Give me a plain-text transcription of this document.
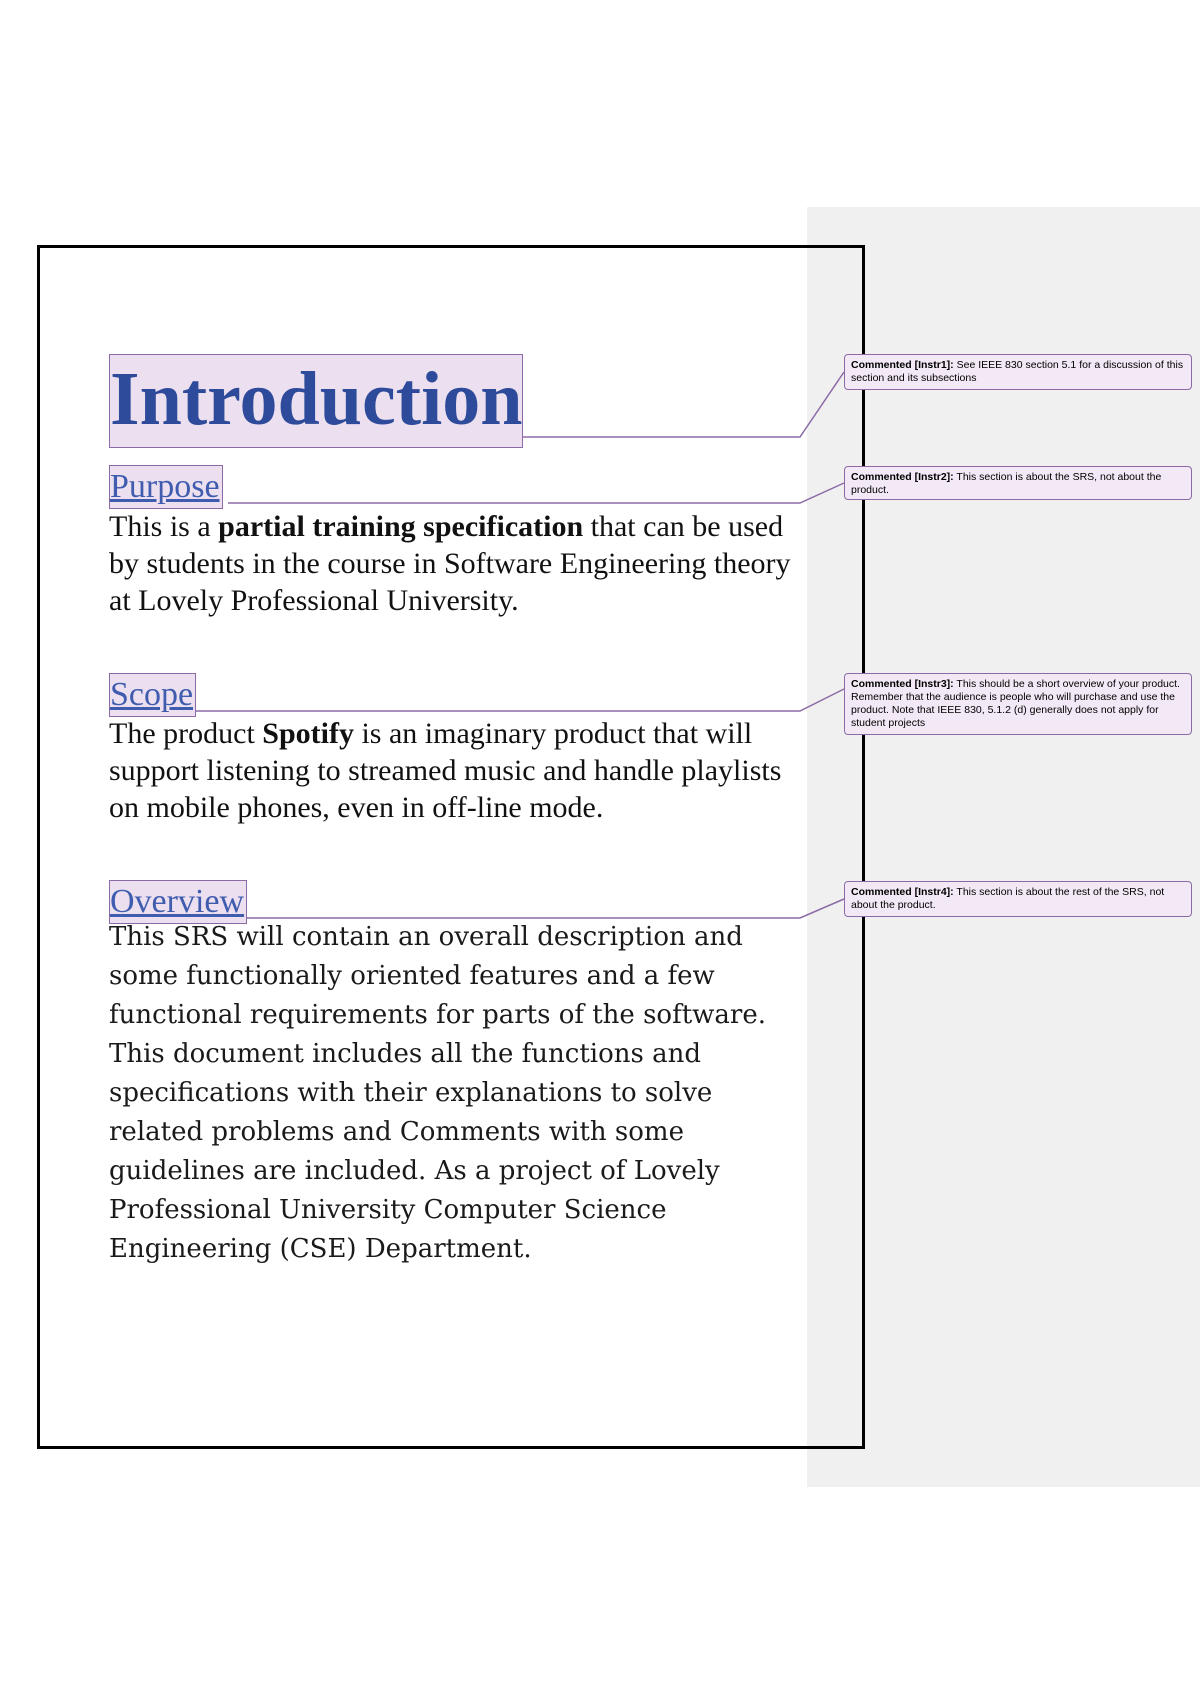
Introduction
Purpose

This is a partial training specification that can be used by students in the course in Software Engineering theory at Lovely Professional University.

Scope

The product Spotify is an imaginary product that will support listening to streamed music and handle playlists on mobile phones, even in off-line mode.

Overview

This SRS will contain an overall description and some functionally oriented features and a few functional requirements for parts of the software. This document includes all the functions and specifications with their explanations to solve related problems and Comments with some guidelines are included. As a project of Lovely Professional University Computer Science Engineering (CSE) Department.

Commented [Instr1]: See IEEE 830 section 5.1 for a discussion of this section and its subsections
Commented [Instr2]: This section is about the SRS, not about the product.
Commented [Instr3]: This should be a short overview of your product. Remember that the audience is people who will purchase and use the product. Note that IEEE 830, 5.1.2 (d) generally does not apply for student projects
Commented [Instr4]: This section is about the rest of the SRS, not about the product.
